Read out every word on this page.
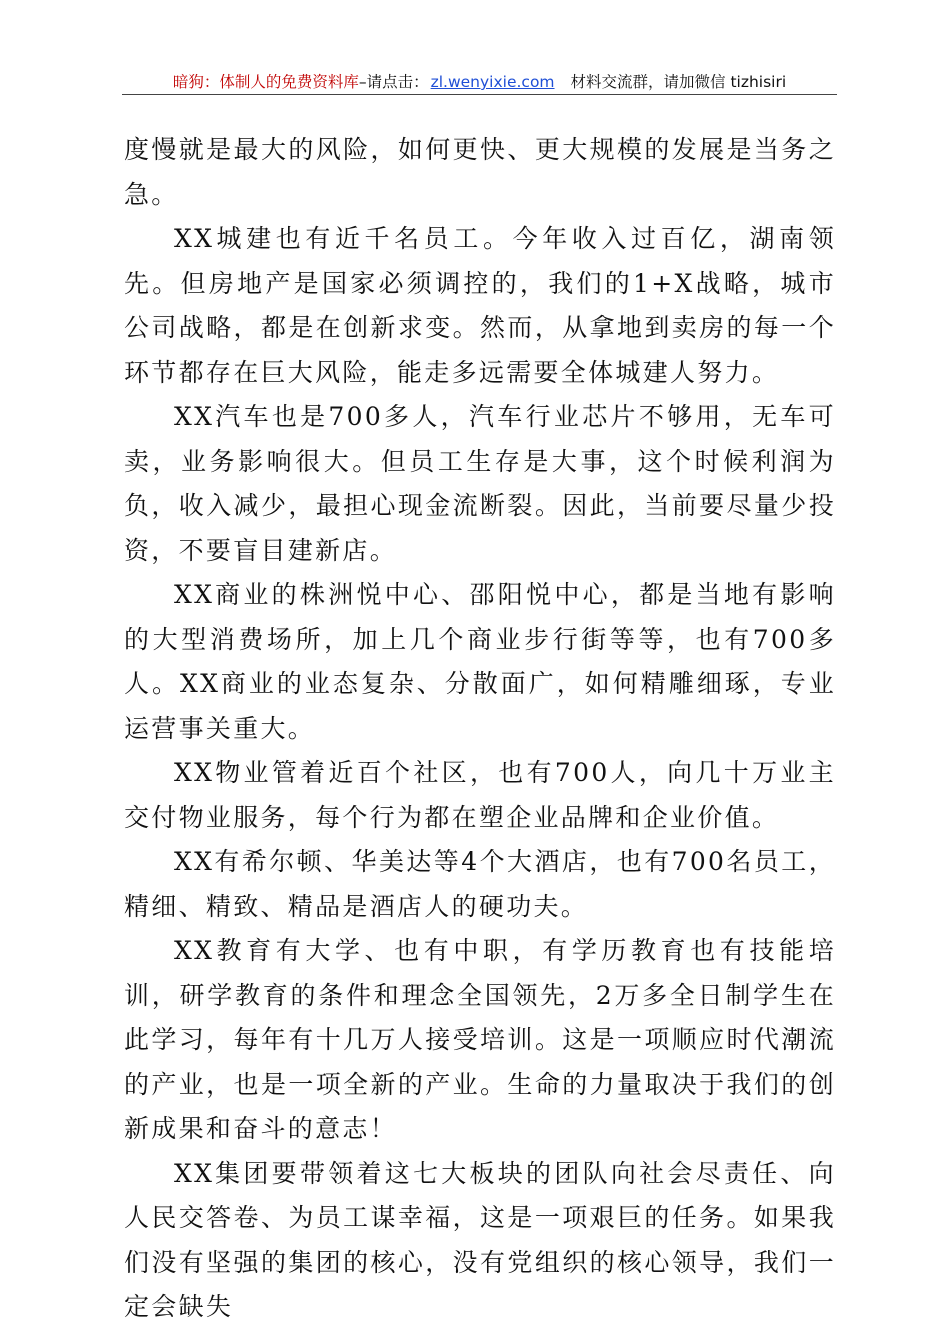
暗狗：体制人的免费资料库 –请点击： zl.wenyixie.com 材料交流群，请加微信 tizhisiri

度慢就是最大的风险，如何更快、更大规模的发展是当务之急。

XX城建也有近千名员工。今年收入过百亿，湖南领先。但房地产是国家必须调控的，我们的1+X战略，城市公司战略，都是在创新求变。然而，从拿地到卖房的每一个环节都存在巨大风险，能走多远需要全体城建人努力。

XX汽车也是700多人，汽车行业芯片不够用，无车可卖，业务影响很大。但员工生存是大事，这个时候利润为负，收入减少，最担心现金流断裂。因此，当前要尽量少投资，不要盲目建新店。

XX商业的株洲悦中心、邵阳悦中心，都是当地有影响的大型消费场所，加上几个商业步行街等等，也有700多人。XX商业的业态复杂、分散面广，如何精雕细琢，专业运营事关重大。

XX物业管着近百个社区，也有700人，向几十万业主交付物业服务，每个行为都在塑企业品牌和企业价值。

XX有希尔顿、华美达等4个大酒店，也有700名员工，精细、精致、精品是酒店人的硬功夫。

XX教育有大学、也有中职，有学历教育也有技能培训，研学教育的条件和理念全国领先，2万多全日制学生在此学习，每年有十几万人接受培训。这是一项顺应时代潮流的产业，也是一项全新的产业。生命的力量取决于我们的创新成果和奋斗的意志！

XX集团要带领着这七大板块的团队向社会尽责任、向人民交答卷、为员工谋幸福，这是一项艰巨的任务。如果我们没有坚强的集团的核心，没有党组织的核心领导，我们一定会缺失
